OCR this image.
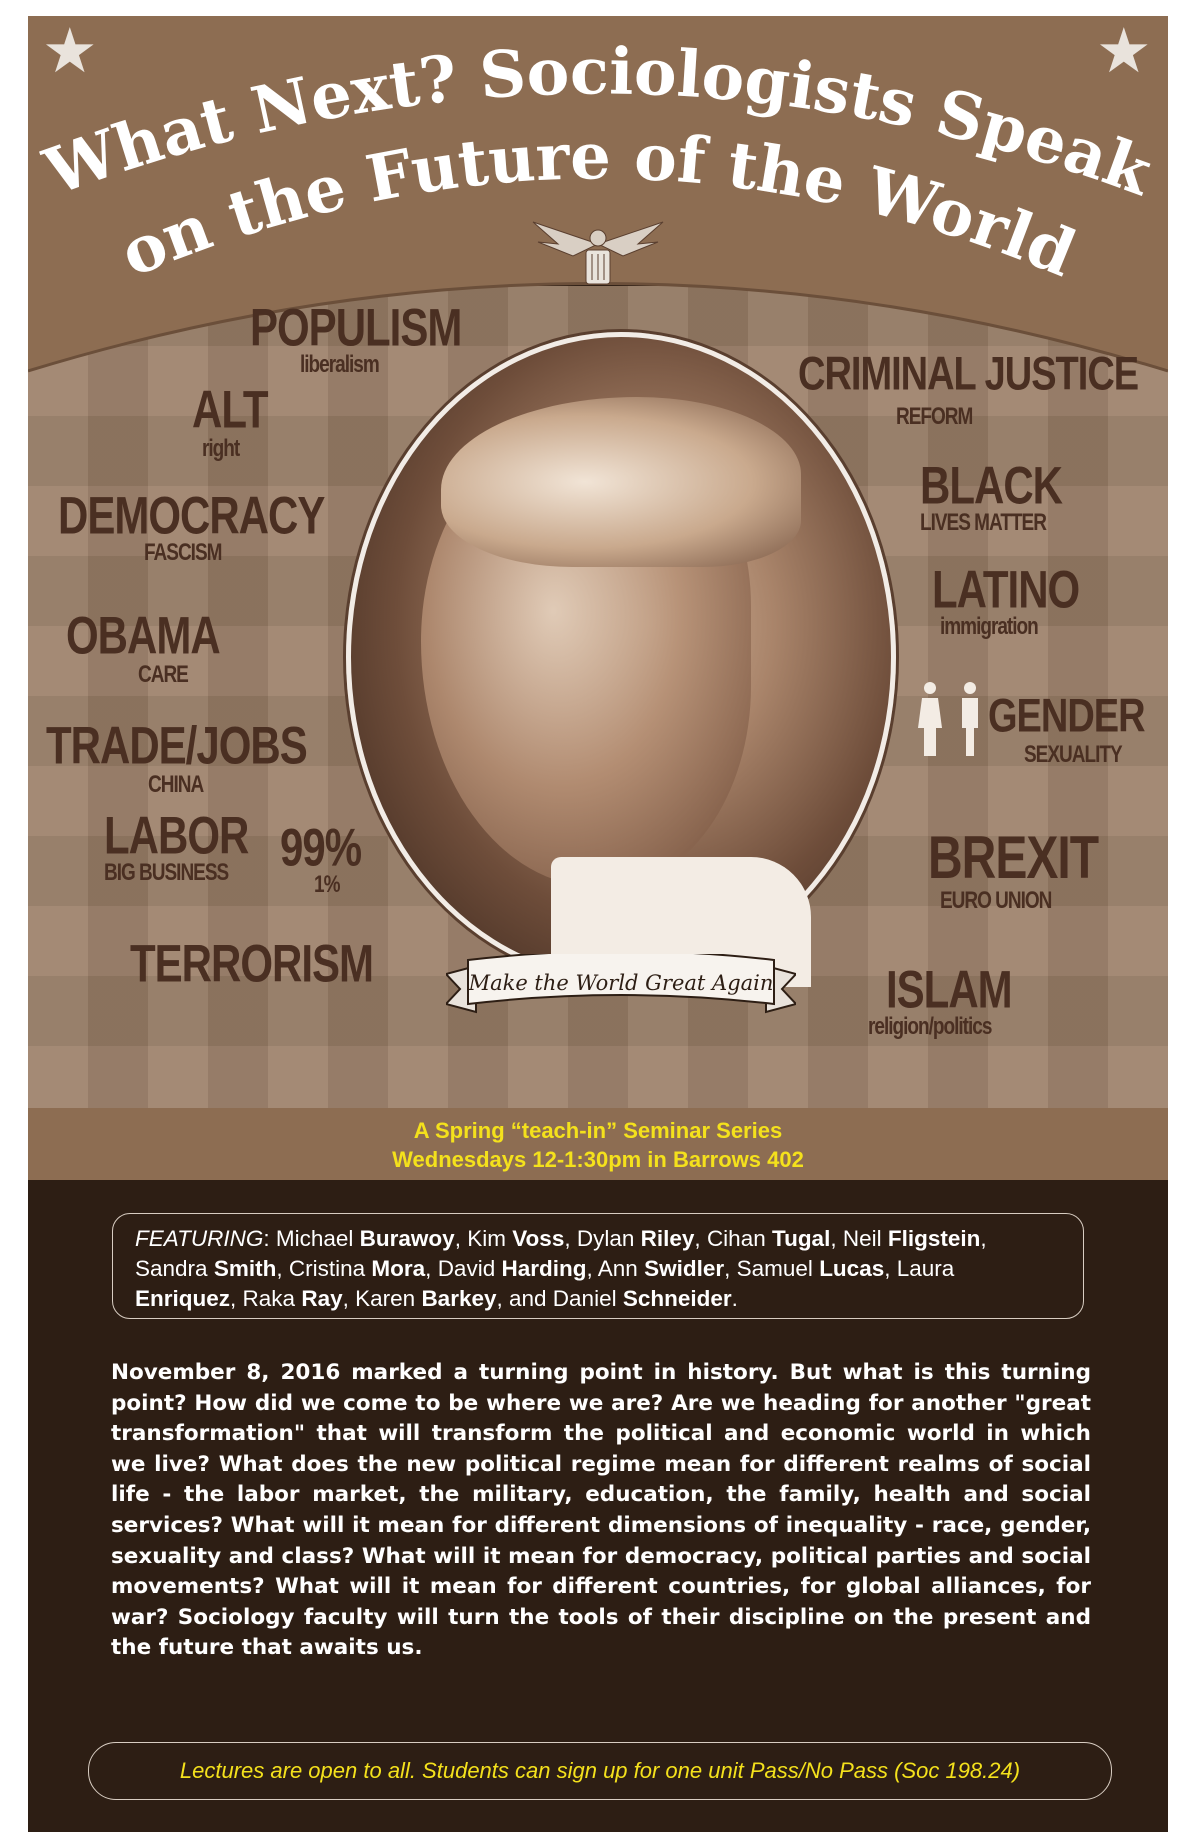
★	★
What Next? Sociologists Speak
on the Future of the World
POPULISM
liberalism
ALT
right
DEMOCRACY
FASCISM
OBAMA
CARE
TRADE/JOBS
CHINA
LABOR
BIG BUSINESS 99%
1%
TERRORISM
CRIMINAL JUSTICE
REFORM
BLACK
LIVES MATTER
LATINO
immigration
GENDER
SEXUALITY
BREXIT
EURO UNION
ISLAM
religion/politics
Make the World Great Again
A Spring “teach-in” Seminar Series
Wednesdays 12-1:30pm in Barrows 402

FEATURING: Michael Burawoy, Kim Voss, Dylan Riley, Cihan Tugal, Neil Fligstein, Sandra Smith, Cristina Mora, David Harding, Ann Swidler, Samuel Lucas, Laura Enriquez, Raka Ray, Karen Barkey, and Daniel Schneider.

November 8, 2016 marked a turning point in history. But what is this turning point? How did we come to be where we are? Are we heading for another "great transformation" that will transform the political and economic world in which we live? What does the new political regime mean for different realms of social life - the labor market, the military, education, the family, health and social services? What will it mean for different dimensions of inequality - race, gender, sexuality and class? What will it mean for democracy, political parties and social movements? What will it mean for different countries, for global alliances, for war? Sociology faculty will turn the tools of their discipline on the present and the future that awaits us.
Lectures are open to all. Students can sign up for one unit Pass/No Pass (Soc 198.24)
